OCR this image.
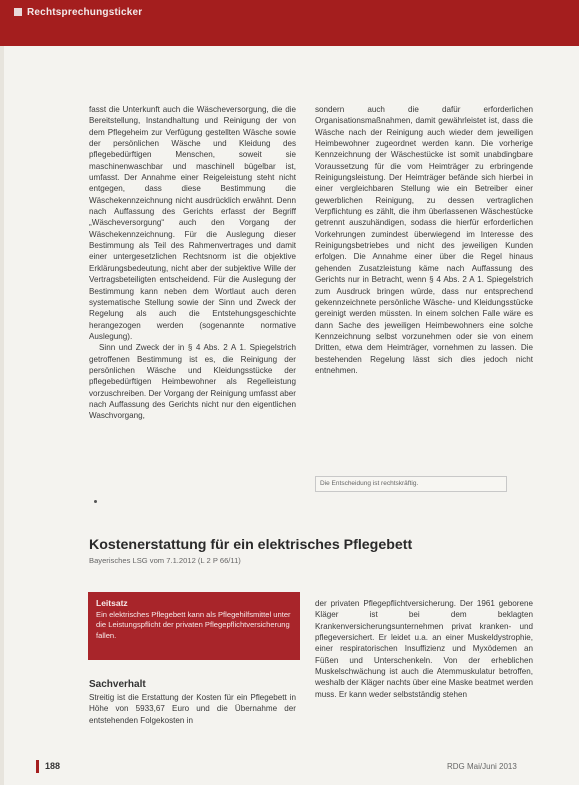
Rechtsprechungsticker

fasst die Unterkunft auch die Wäscheversorgung, die die Bereitstellung, Instandhaltung und Reinigung der von dem Pflegeheim zur Verfügung gestellten Wäsche sowie der persönlichen Wäsche und Kleidung des pflegebedürftigen Menschen, soweit sie maschinenwaschbar und maschinell bügelbar ist, umfasst. Der Annahme einer Reigeleistung steht nicht entgegen, dass diese Bestimmung die Wäschekennzeichnung nicht ausdrücklich erwähnt. Denn nach Auffassung des Gerichts erfasst der Begriff „Wäscheversorgung“ auch den Vorgang der Wäschekennzeichnung. Für die Auslegung dieser Bestimmung als Teil des Rahmenvertrages und damit einer untergesetzlichen Rechtsnorm ist die objektive Erklärungsbedeutung, nicht aber der subjektive Wille der Vertragsbeteiligten entscheidend. Für die Auslegung der Bestimmung kann neben dem Wortlaut auch deren systematische Stellung sowie der Sinn und Zweck der Regelung als auch die Entstehungsgeschichte herangezogen werden (sogenannte normative Auslegung).

Sinn und Zweck der in § 4 Abs. 2 A 1. Spiegelstrich getroffenen Bestimmung ist es, die Reinigung der persönlichen Wäsche und Kleidungsstücke der pflegebedürftigen Heimbewohner als Regelleistung vorzuschreiben. Der Vorgang der Reinigung umfasst aber nach Auffassung des Gerichts nicht nur den eigentlichen Waschvorgang,

sondern auch die dafür erforderlichen Organisationsmaßnahmen, damit gewährleistet ist, dass die Wäsche nach der Reinigung auch wieder dem jeweiligen Heimbewohner zugeordnet werden kann. Die vorherige Kennzeichnung der Wäschestücke ist somit unabdingbare Voraussetzung für die vom Heimträger zu erbringende Reinigungsleistung. Der Heimträger befände sich hierbei in einer vergleichbaren Stellung wie ein Betreiber einer gewerblichen Reinigung, zu dessen vertraglichen Verpflichtung es zählt, die ihm überlassenen Wäschestücke getrennt auszuhändigen, sodass die hierfür erforderlichen Vorkehrungen zumindest überwiegend im Interesse des Reinigungsbetriebes und nicht des jeweiligen Kunden erfolgen. Die Annahme einer über die Regel hinaus gehenden Zusatzleistung käme nach Auffassung des Gerichts nur in Betracht, wenn § 4 Abs. 2 A 1. Spiegelstrich zum Ausdruck bringen würde, dass nur entsprechend gekennzeichnete persönliche Wäsche- und Kleidungsstücke gereinigt werden müssten. In einem solchen Falle wäre es dann Sache des jeweiligen Heimbewohners eine solche Kennzeichnung selbst vorzunehmen oder sie von einem Dritten, etwa dem Heimträger, vornehmen zu lassen. Die bestehenden Regelung lässt sich dies jedoch nicht entnehmen.

Die Entscheidung ist rechtskräftig.
Kostenerstattung für ein elektrisches Pflegebett
Bayerisches LSG vom 7.1.2012 (L 2 P 66/11)
Leitsatz
Ein elektrisches Pflegebett kann als Pflegehilfsmittel unter die Leistungspflicht der privaten Pflegepflichtversicherung fallen.
Sachverhalt

Streitig ist die Erstattung der Kosten für ein Pflegebett in Höhe von 5933,67 Euro und die Übernahme der entstehenden Folgekosten in

der privaten Pflegepflichtversicherung. Der 1961 geborene Kläger ist bei dem beklagten Krankenversicherungsunternehmen privat kranken- und pflegeversichert. Er leidet u.a. an einer Muskeldystrophie, einer respiratorischen Insuffizienz und Myxödemen an Füßen und Unterschenkeln. Von der erheblichen Muskelschwächung ist auch die Atemmuskulatur betroffen, weshalb der Kläger nachts über eine Maske beatmet werden muss. Er kann weder selbstständig stehen

188	RDG Mai/Juni 2013
